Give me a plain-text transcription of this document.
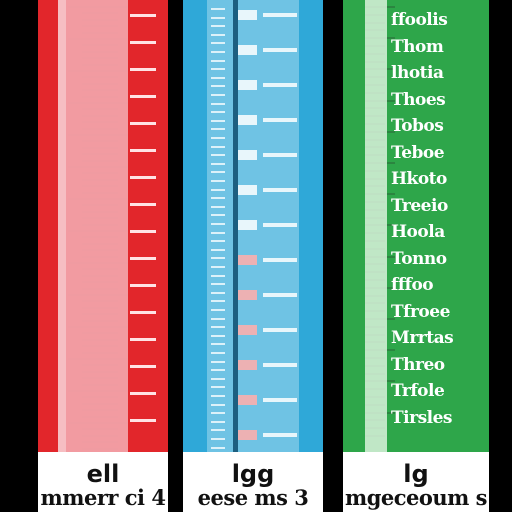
ell
mmerr ci 4
lgg
eese ms 3
ffoolis
Thom
lhotia
Thoes
Tobos
Teboe
Hkoto
Treeio
Hoola
Tonno
fffoo
Tfroee
Mrrtas
Threo
Trfole
Tirsles
lg
mgeceoum s
